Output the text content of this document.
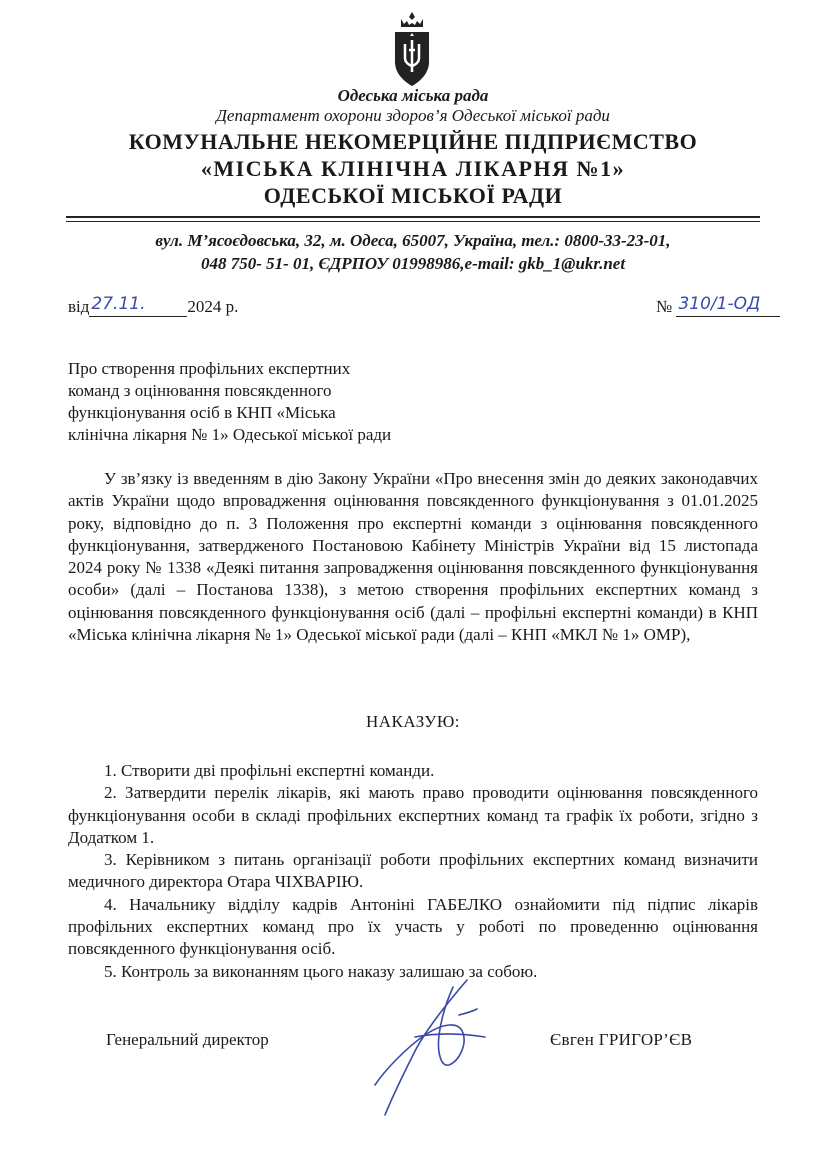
Одеська міська рада
Департамент охорони здоров’я Одеської міської ради
КОМУНАЛЬНЕ НЕКОМЕРЦІЙНЕ ПІДПРИЄМСТВО
«МІСЬКА КЛІНІЧНА ЛІКАРНЯ №1»
ОДЕСЬКОЇ МІСЬКОЇ РАДИ
вул. М’ясоєдовська, 32, м. Одеса, 65007, Україна, тел.: 0800-33-23-01,
048 750- 51- 01, ЄДРПОУ 01998986,e-mail: gkb_1@ukr.net
від 27.11. 2024 р.	№ 310/1-ОД
Про створення профільних експертних
команд з оцінювання повсякденного
функціонування осіб в КНП «Міська
клінічна лікарня № 1» Одеської міської ради
У зв’язку із введенням в дію Закону України «Про внесення змін до деяких законодавчих актів України щодо впровадження оцінювання повсякденного функціонування з 01.01.2025 року, відповідно до п. 3 Положення про експертні команди з оцінювання повсякденного функціонування, затвердженого Постановою Кабінету Міністрів України від 15 листопада 2024 року № 1338 «Деякі питання запровадження оцінювання повсякденного функціонування особи» (далі – Постанова 1338), з метою створення профільних експертних команд з оцінювання повсякденного функціонування осіб (далі – профільні експертні команди) в КНП «Міська клінічна лікарня № 1» Одеської міської ради (далі – КНП «МКЛ № 1» ОМР),
НАКАЗУЮ:

1. Створити дві профільні експертні команди.

2. Затвердити перелік лікарів, які мають право проводити оцінювання повсякденного функціонування особи в складі профільних експертних команд та графік їх роботи, згідно з Додатком 1.

3. Керівником з питань організації роботи профільних експертних команд визначити медичного директора Отара ЧІХВАРІЮ.

4. Начальнику відділу кадрів Антоніні ГАБЕЛКО ознайомити під підпис лікарів профільних експертних команд про їх участь у роботі по проведенню оцінювання повсякденного функціонування осіб.

5. Контроль за виконанням цього наказу залишаю за собою.

Генеральний директор	Євген ГРИГОР’ЄВ
